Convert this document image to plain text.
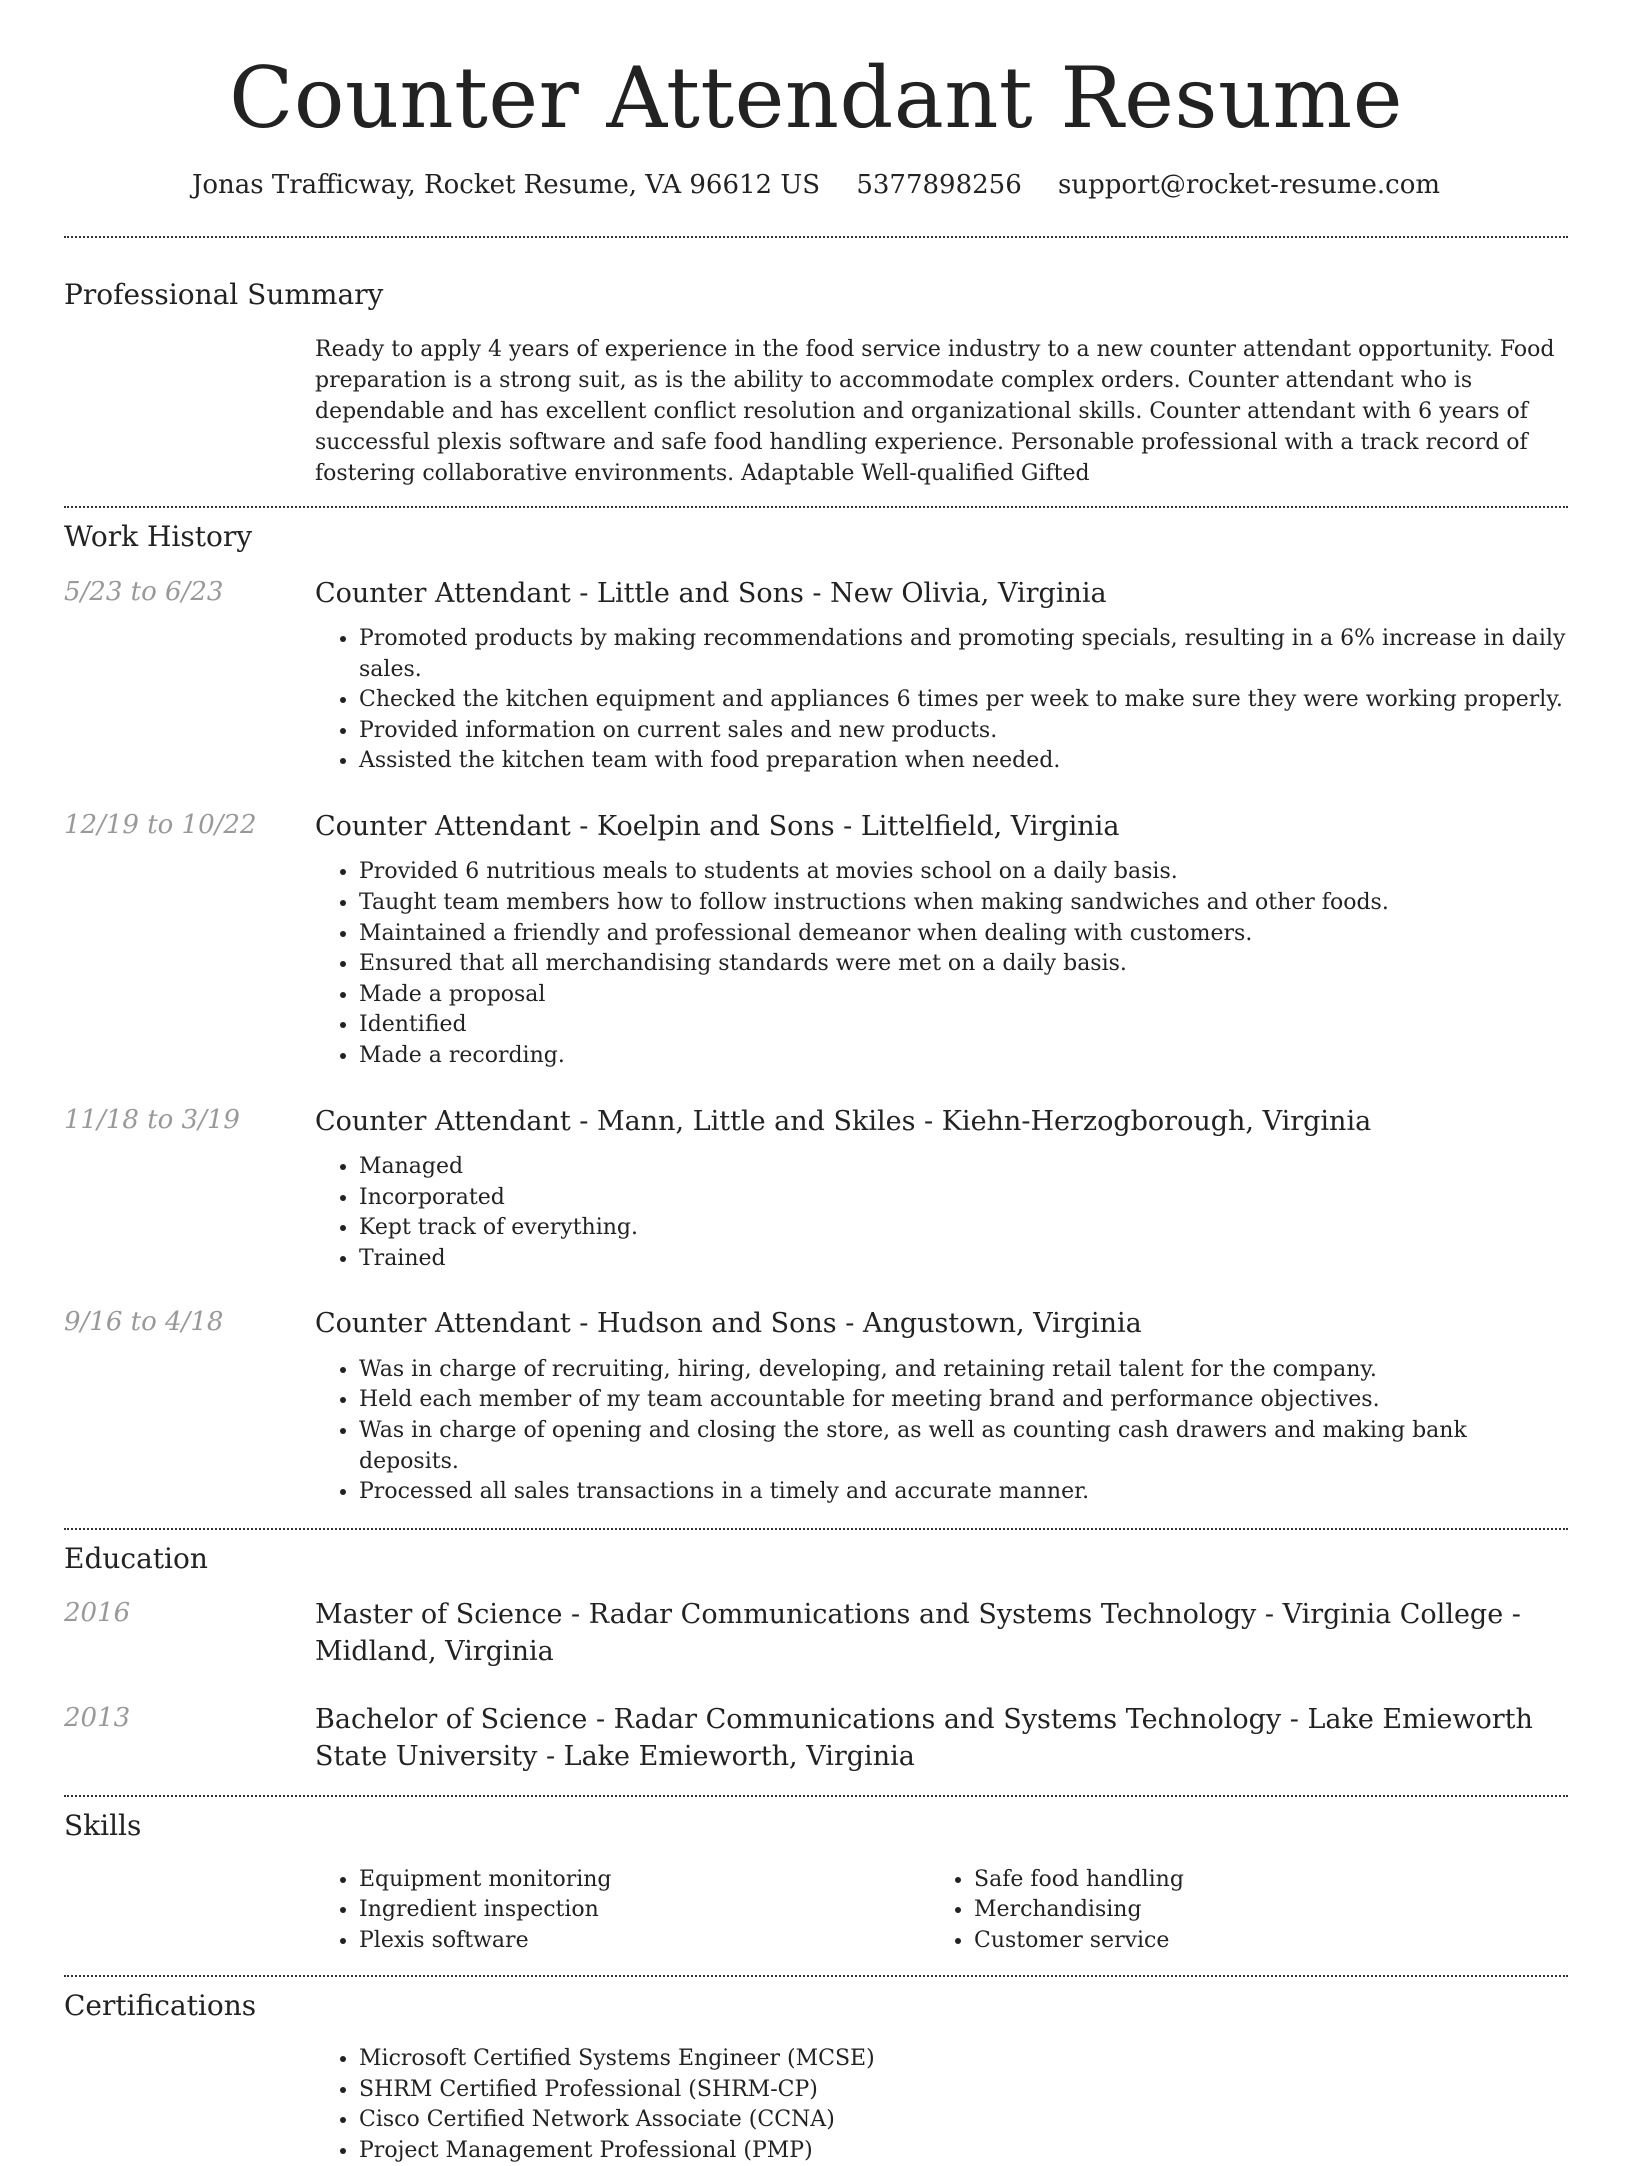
Counter Attendant Resume
Jonas Trafficway, Rocket Resume, VA 96612 US 5377898256 support@rocket-resume.com
Professional Summary

Ready to apply 4 years of experience in the food service industry to a new counter attendant opportunity. Food preparation is a strong suit, as is the ability to accommodate complex orders. Counter attendant who is dependable and has excellent conflict resolution and organizational skills. Counter attendant with 6 years of successful plexis software and safe food handling experience. Personable professional with a track record of fostering collaborative environments. Adaptable Well-qualified Gifted

Work History
5/23 to 6/23	Counter Attendant - Little and Sons - New Olivia, Virginia
• Promoted products by making recommendations and promoting specials, resulting in a 6% increase in daily sales.
• Checked the kitchen equipment and appliances 6 times per week to make sure they were working properly.
• Provided information on current sales and new products.
• Assisted the kitchen team with food preparation when needed.
12/19 to 10/22	Counter Attendant - Koelpin and Sons - Littelfield, Virginia
• Provided 6 nutritious meals to students at movies school on a daily basis.
• Taught team members how to follow instructions when making sandwiches and other foods.
• Maintained a friendly and professional demeanor when dealing with customers.
• Ensured that all merchandising standards were met on a daily basis.
• Made a proposal
• Identified
• Made a recording.
11/18 to 3/19	Counter Attendant - Mann, Little and Skiles - Kiehn-Herzogborough, Virginia
• Managed
• Incorporated
• Kept track of everything.
• Trained
9/16 to 4/18	Counter Attendant - Hudson and Sons - Angustown, Virginia
• Was in charge of recruiting, hiring, developing, and retaining retail talent for the company.
• Held each member of my team accountable for meeting brand and performance objectives.
• Was in charge of opening and closing the store, as well as counting cash drawers and making bank deposits.
• Processed all sales transactions in a timely and accurate manner.
Education
2016	Master of Science - Radar Communications and Systems Technology - Virginia College - Midland, Virginia
2013	Bachelor of Science - Radar Communications and Systems Technology - Lake Emieworth State University - Lake Emieworth, Virginia
Skills
• Equipment monitoring
• Ingredient inspection
• Plexis software
• Safe food handling
• Merchandising
• Customer service
Certifications
• Microsoft Certified Systems Engineer (MCSE)
• SHRM Certified Professional (SHRM-CP)
• Cisco Certified Network Associate (CCNA)
• Project Management Professional (PMP)
